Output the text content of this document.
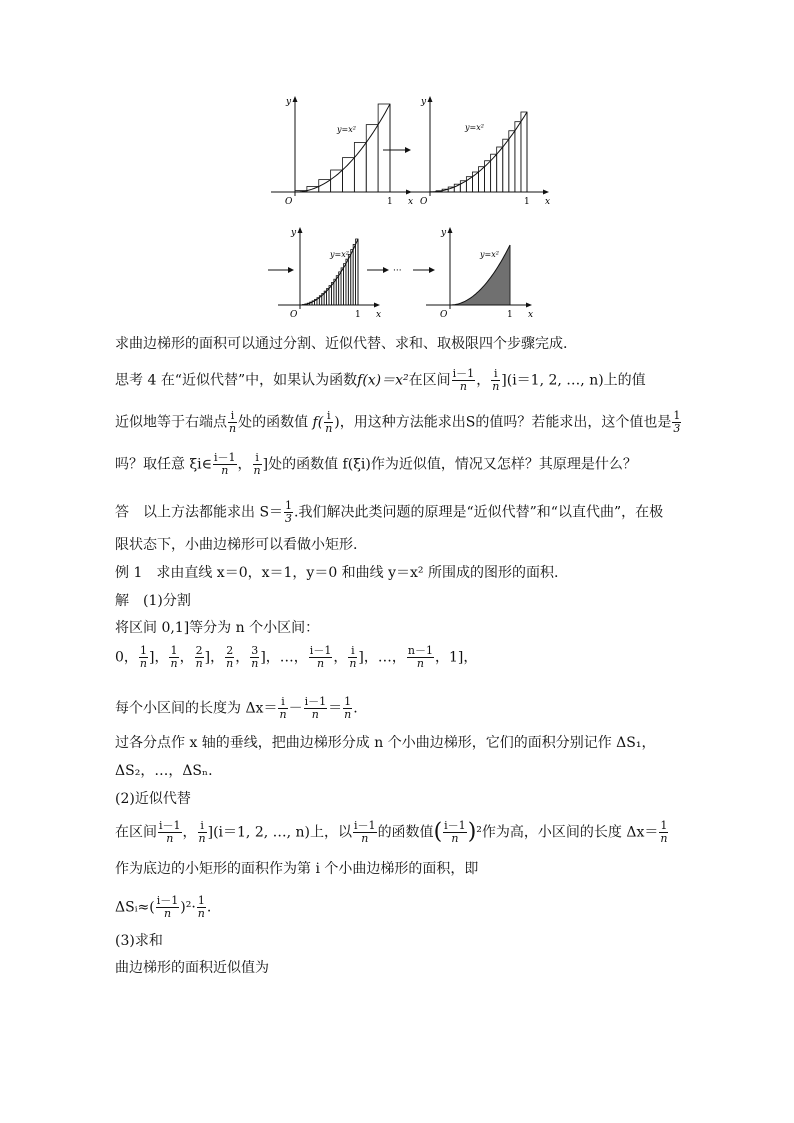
y
x
O	1
y=x²
y
x
O	1
y=x²
y
x
O	1
y=x²
···
y
x
O	1
y=x²
求曲边梯形的面积可以通过分割、近似代替、求和、取极限四个步骤完成.
思考 4 在“近似代替”中，如果认为函数f(x)＝x²在区间 $\frac{i-1}{n}$ ， $\frac{i}{n} ](i=1$, 2, …, n)上的值
近似地等于右端点 $\frac{i}{n}$ 处的函数值 $f( \frac{i}{n}$ )，用这种方法能求出S的值吗？若能求出，这个值也是 $\frac{1}{3}$
吗？取任意 ξi∈ $\frac{i-1}{n}$ ， $\frac{i}{n}$ ]处的函数值 f(ξi)作为近似值，情况又怎样？其原理是什么？
答　以上方法都能求出 $S= \frac{1}{3}$ .我们解决此类问题的原理是“近似代替”和“以直代曲”，在极
限状态下，小曲边梯形可以看做小矩形.
例 1　求由直线 x＝0，x＝1，y＝0 和曲线 y＝x² 所围成的图形的面积.
解　(1)分割
将区间 0,1]等分为 n 个小区间：
0， $\frac{1}{n}$ ]， $\frac{1}{n}$ ， $\frac{2}{n}$ ]， $\frac{2}{n}$ ， $\frac{3}{n}$ ]，…， $\frac{i-1}{n}$ ， $\frac{i}{n}$ ]，…， $\frac{n-1}{n}$ ，1]，
每个小区间的长度为 $\Delta x= \frac{i}{n} - \frac{i-1}{n} = \frac{1}{n}$ .
过各分点作 x 轴的垂线，把曲边梯形分成 n 个小曲边梯形，它们的面积分别记作 ΔS₁，
ΔS₂，…，ΔSₙ.
(2)近似代替
在区间 $\frac{i-1}{n}$ ， $\frac{i}{n} ](i=1$, 2, …, n)上，以 $\frac{i-1}{n}$ 的函数值( $\frac{i-1}{n} )^2$作为高，小区间的长度 $\Delta x= \frac{1}{n}$
作为底边的小矩形的面积作为第 i 个小曲边梯形的面积，即
ΔSᵢ≈( $\frac{i-1}{n} )^2\cdot \frac{1}{n}$ .
(3)求和
曲边梯形的面积近似值为
